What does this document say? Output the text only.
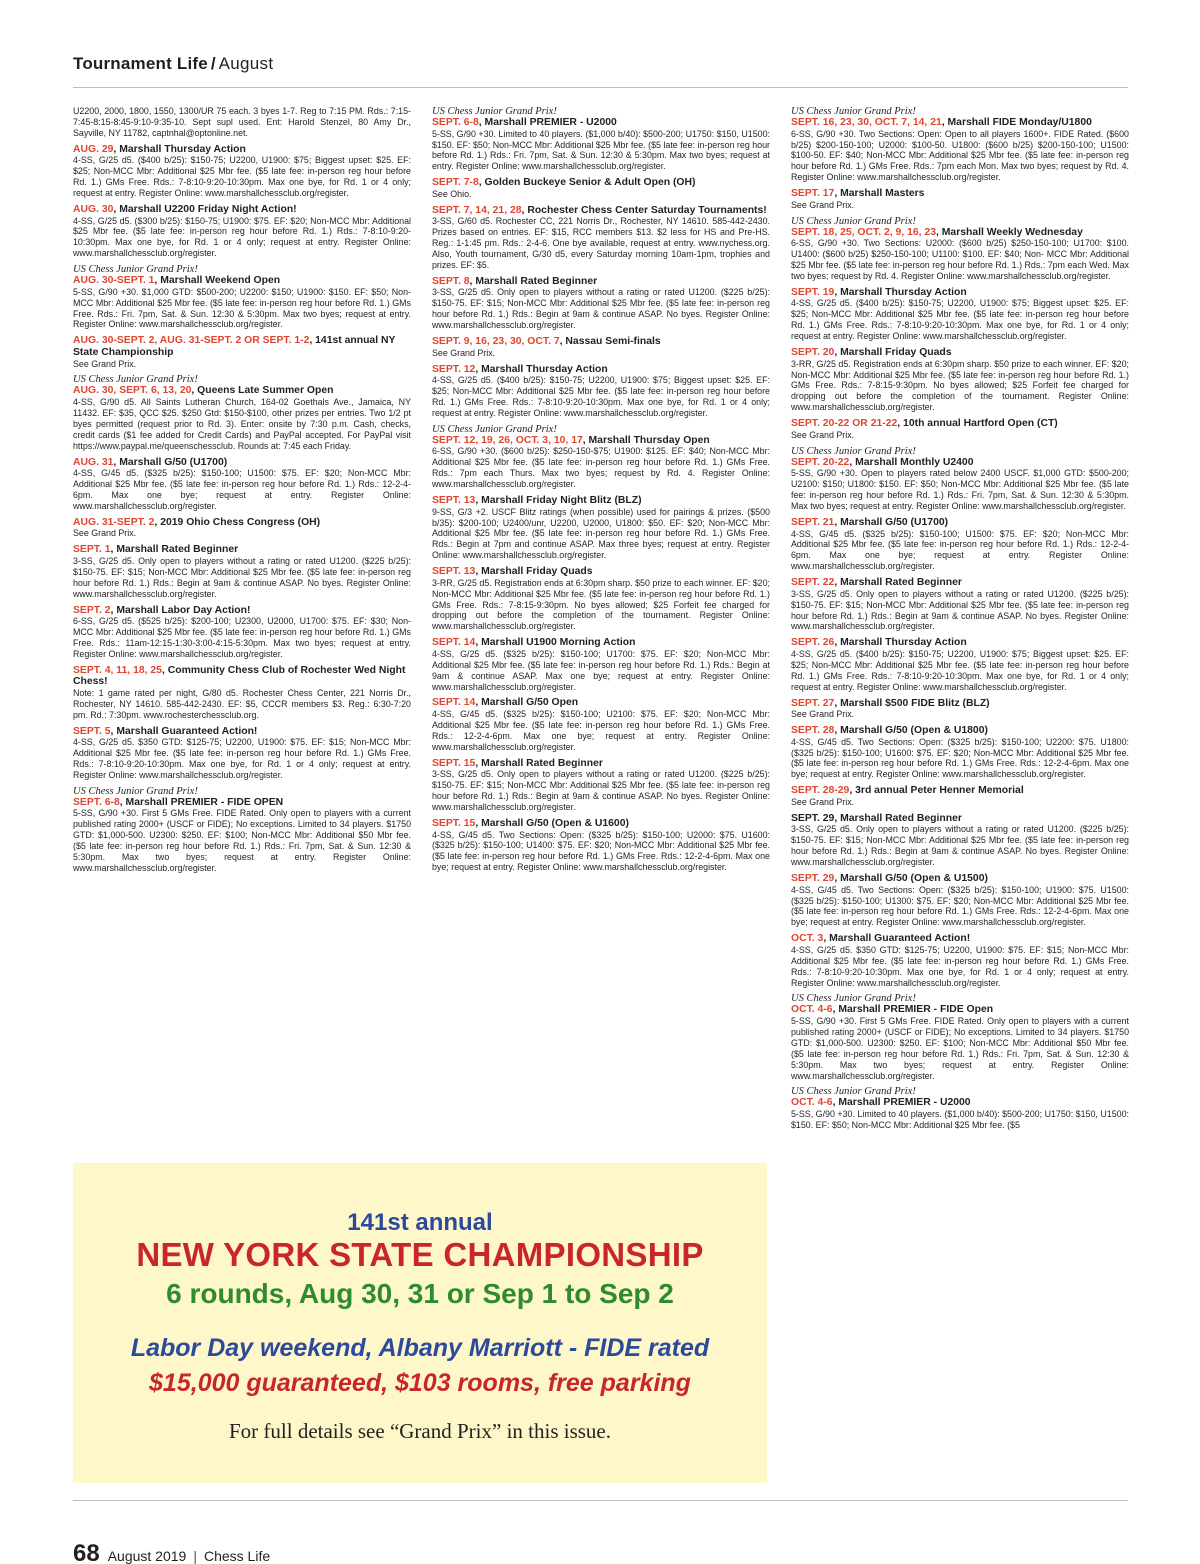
Tournament Life / August
U2200, 2000, 1800, 1550, 1300/UR 75 each. 3 byes 1-7. Reg to 7:15 PM. Rds.: 7:15-7:45-8:15-8:45-9:10-9:35-10. Sept supl used. Ent: Harold Stenzel, 80 Amy Dr., Sayville, NY 11782, captnhal@optonline.net.
AUG. 29, Marshall Thursday Action
4-SS, G/25 d5. ($400 b/25): $150-75; U2200, U1900: $75; Biggest upset: $25. EF: $25; Non-MCC Mbr: Additional $25 Mbr fee. ($5 late fee: in-person reg hour before Rd. 1.) GMs Free. Rds.: 7-8:10-9:20-10:30pm. Max one bye, for Rd. 1 or 4 only; request at entry. Register Online: www.marshallchessclub.org/register.
AUG. 30, Marshall U2200 Friday Night Action!
4-SS, G/25 d5. ($300 b/25): $150-75; U1900: $75. EF: $20; Non-MCC Mbr: Additional $25 Mbr fee. ($5 late fee: in-person reg hour before Rd. 1.) Rds.: 7-8:10-9:20-10:30pm. Max one bye, for Rd. 1 or 4 only; request at entry. Register Online: www.marshallchessclub.org/register.
US Chess Junior Grand Prix!
AUG. 30-SEPT. 1, Marshall Weekend Open
5-SS, G/90 +30. $1,000 GTD: $500-200; U2200: $150; U1900: $150. EF: $50; Non-MCC Mbr: Additional $25 Mbr fee. ($5 late fee: in-person reg hour before Rd. 1.) GMs Free. Rds.: Fri. 7pm, Sat. & Sun. 12:30 & 5:30pm. Max two byes; request at entry. Register Online: www.marshallchessclub.org/register.
AUG. 30-SEPT. 2, AUG. 31-SEPT. 2 OR SEPT. 1-2, 141st annual NY State Championship
See Grand Prix.
US Chess Junior Grand Prix!
AUG. 30, SEPT. 6, 13, 20, Queens Late Summer Open
4-SS, G/90 d5. All Saints Lutheran Church, 164-02 Goethals Ave., Jamaica, NY 11432. EF: $35, QCC $25. $250 Gtd: $150-$100, other prizes per entries. Two 1/2 pt byes permitted (request prior to Rd. 3). Enter: onsite by 7:30 p.m. Cash, checks, credit cards ($1 fee added for Credit Cards) and PayPal accepted. For PayPal visit https://www.paypal.me/queenschessclub. Rounds at: 7:45 each Friday.
AUG. 31, Marshall G/50 (U1700)
4-SS, G/45 d5. ($325 b/25): $150-100; U1500: $75. EF: $20; Non-MCC Mbr: Additional $25 Mbr fee. ($5 late fee: in-person reg hour before Rd. 1.) Rds.: 12-2-4-6pm. Max one bye; request at entry. Register Online: www.marshallchessclub.org/register.
AUG. 31-SEPT. 2, 2019 Ohio Chess Congress (OH)
See Grand Prix.
SEPT. 1, Marshall Rated Beginner
3-SS, G/25 d5. Only open to players without a rating or rated U1200. ($225 b/25): $150-75. EF: $15; Non-MCC Mbr: Additional $25 Mbr fee. ($5 late fee: in-person reg hour before Rd. 1.) Rds.: Begin at 9am & continue ASAP. No byes. Register Online: www.marshallchessclub.org/register.
SEPT. 2, Marshall Labor Day Action!
6-SS, G/25 d5. ($525 b/25): $200-100; U2300, U2000, U1700: $75. EF: $30; Non-MCC Mbr: Additional $25 Mbr fee. ($5 late fee: in-person reg hour before Rd. 1.) GMs Free. Rds.: 11am-12:15-1:30-3:00-4:15-5:30pm. Max two byes; request at entry. Register Online: www.marshallchessclub.org/register.
SEPT. 4, 11, 18, 25, Community Chess Club of Rochester Wed Night Chess!
Note: 1 game rated per night, G/80 d5. Rochester Chess Center, 221 Norris Dr., Rochester, NY 14610. 585-442-2430. EF: $5, CCCR members $3. Reg.: 6:30-7:20 pm. Rd.: 7:30pm. www.rochesterchessclub.org.
SEPT. 5, Marshall Guaranteed Action!
4-SS, G/25 d5. $350 GTD: $125-75; U2200, U1900: $75. EF: $15; Non-MCC Mbr: Additional $25 Mbr fee. ($5 late fee: in-person reg hour before Rd. 1.) GMs Free. Rds.: 7-8:10-9:20-10:30pm. Max one bye, for Rd. 1 or 4 only; request at entry. Register Online: www.marshallchessclub.org/register.
US Chess Junior Grand Prix!
SEPT. 6-8, Marshall PREMIER - FIDE OPEN
5-SS, G/90 +30. First 5 GMs Free. FIDE Rated. Only open to players with a current published rating 2000+ (USCF or FIDE); No exceptions. Limited to 34 players. $1750 GTD: $1,000-500. U2300: $250. EF: $100; Non-MCC Mbr: Additional $50 Mbr fee. ($5 late fee: in-person reg hour before Rd. 1.) Rds.: Fri. 7pm, Sat. & Sun. 12:30 & 5:30pm. Max two byes; request at entry. Register Online: www.marshallchessclub.org/register.
US Chess Junior Grand Prix!
SEPT. 6-8, Marshall PREMIER - U2000
5-SS, G/90 +30. Limited to 40 players. ($1,000 b/40): $500-200; U1750: $150, U1500: $150. EF: $50; Non-MCC Mbr: Additional $25 Mbr fee. ($5 late fee: in-person reg hour before Rd. 1.) Rds.: Fri. 7pm, Sat. & Sun. 12:30 & 5:30pm. Max two byes; request at entry. Register Online: www.marshallchessclub.org/register.
SEPT. 7-8, Golden Buckeye Senior & Adult Open (OH)
See Ohio.
SEPT. 7, 14, 21, 28, Rochester Chess Center Saturday Tournaments!
3-SS, G/60 d5. Rochester CC, 221 Norris Dr., Rochester, NY 14610. 585-442-2430. Prizes based on entries. EF: $15, RCC members $13. $2 less for HS and Pre-HS. Reg.: 1-1:45 pm. Rds.: 2-4-6. One bye available, request at entry. www.nychess.org. Also, Youth tournament, G/30 d5, every Saturday morning 10am-1pm, trophies and prizes. EF: $5.
SEPT. 8, Marshall Rated Beginner
3-SS, G/25 d5. Only open to players without a rating or rated U1200. ($225 b/25): $150-75. EF: $15; Non-MCC Mbr: Additional $25 Mbr fee. ($5 late fee: in-person reg hour before Rd. 1.) Rds.: Begin at 9am & continue ASAP. No byes. Register Online: www.marshallchessclub.org/register.
SEPT. 9, 16, 23, 30, OCT. 7, Nassau Semi-finals
See Grand Prix.
SEPT. 12, Marshall Thursday Action
4-SS, G/25 d5. ($400 b/25): $150-75; U2200, U1900: $75; Biggest upset: $25. EF: $25; Non-MCC Mbr: Additional $25 Mbr fee. ($5 late fee: in-person reg hour before Rd. 1.) GMs Free. Rds.: 7-8:10-9:20-10:30pm. Max one bye, for Rd. 1 or 4 only; request at entry. Register Online: www.marshallchessclub.org/register.
US Chess Junior Grand Prix!
SEPT. 12, 19, 26, OCT. 3, 10, 17, Marshall Thursday Open
6-SS, G/90 +30. ($600 b/25): $250-150-$75; U1900: $125. EF: $40; Non-MCC Mbr: Additional $25 Mbr fee. ($5 late fee: in-person reg hour before Rd. 1.) GMs Free. Rds.: 7pm each Thurs. Max two byes; request by Rd. 4. Register Online: www.marshallchessclub.org/register.
SEPT. 13, Marshall Friday Night Blitz (BLZ)
9-SS, G/3 +2. USCF Blitz ratings (when possible) used for pairings & prizes. ($500 b/35): $200-100; U2400/unr, U2200, U2000, U1800: $50. EF: $20; Non-MCC Mbr: Additional $25 Mbr fee. ($5 late fee: in-person reg hour before Rd. 1.) GMs Free. Rds.: Begin at 7pm and continue ASAP. Max three byes; request at entry. Register Online: www.marshallchessclub.org/register.
SEPT. 13, Marshall Friday Quads
3-RR, G/25 d5. Registration ends at 6:30pm sharp. $50 prize to each winner. EF: $20; Non-MCC Mbr: Additional $25 Mbr fee. ($5 late fee: in-person reg hour before Rd. 1.) GMs Free. Rds.: 7-8:15-9:30pm. No byes allowed; $25 Forfeit fee charged for dropping out before the completion of the tournament. Register Online: www.marshallchessclub.org/register.
SEPT. 14, Marshall U1900 Morning Action
4-SS, G/25 d5. ($325 b/25): $150-100; U1700: $75. EF: $20; Non-MCC Mbr: Additional $25 Mbr fee. ($5 late fee: in-person reg hour before Rd. 1.) Rds.: Begin at 9am & continue ASAP. Max one bye; request at entry. Register Online: www.marshallchessclub.org/register.
SEPT. 14, Marshall G/50 Open
4-SS, G/45 d5. ($325 b/25): $150-100; U2100: $75. EF: $20; Non-MCC Mbr: Additional $25 Mbr fee. ($5 late fee: in-person reg hour before Rd. 1.) GMs Free. Rds.: 12-2-4-6pm. Max one bye; request at entry. Register Online: www.marshallchessclub.org/register.
SEPT. 15, Marshall Rated Beginner
3-SS, G/25 d5. Only open to players without a rating or rated U1200. ($225 b/25): $150-75. EF: $15; Non-MCC Mbr: Additional $25 Mbr fee. ($5 late fee: in-person reg hour before Rd. 1.) Rds.: Begin at 9am & continue ASAP. No byes. Register Online: www.marshallchessclub.org/register.
SEPT. 15, Marshall G/50 (Open & U1600)
4-SS, G/45 d5. Two Sections: Open: ($325 b/25): $150-100; U2000: $75. U1600: ($325 b/25): $150-100; U1400: $75. EF: $20; Non-MCC Mbr: Additional $25 Mbr fee. ($5 late fee: in-person reg hour before Rd. 1.) GMs Free. Rds.: 12-2-4-6pm. Max one bye; request at entry. Register Online: www.marshallchessclub.org/register.
US Chess Junior Grand Prix!
SEPT. 16, 23, 30, OCT. 7, 14, 21, Marshall FIDE Monday/U1800
6-SS, G/90 +30. Two Sections: Open: Open to all players 1600+. FIDE Rated. ($600 b/25) $200-150-100; U2000: $100-50. U1800: ($600 b/25) $200-150-100; U1500: $100-50. EF: $40; Non-MCC Mbr: Additional $25 Mbr fee. ($5 late fee: in-person reg hour before Rd. 1.) GMs Free. Rds.: 7pm each Mon. Max two byes; request by Rd. 4. Register Online: www.marshallchessclub.org/register.
SEPT. 17, Marshall Masters
See Grand Prix.
US Chess Junior Grand Prix!
SEPT. 18, 25, OCT. 2, 9, 16, 23, Marshall Weekly Wednesday
6-SS, G/90 +30. Two Sections: U2000: ($600 b/25) $250-150-100; U1700: $100. U1400: ($600 b/25) $250-150-100; U1100: $100. EF: $40; Non- MCC Mbr: Additional $25 Mbr fee. ($5 late fee: in-person reg hour before Rd. 1.) Rds.: 7pm each Wed. Max two byes; request by Rd. 4. Register Online: www.marshallchessclub.org/register.
SEPT. 19, Marshall Thursday Action
4-SS, G/25 d5. ($400 b/25): $150-75; U2200, U1900: $75; Biggest upset: $25. EF: $25; Non-MCC Mbr: Additional $25 Mbr fee. ($5 late fee: in-person reg hour before Rd. 1.) GMs Free. Rds.: 7-8:10-9:20-10:30pm. Max one bye, for Rd. 1 or 4 only; request at entry. Register Online: www.marshallchessclub.org/register.
SEPT. 20, Marshall Friday Quads
3-RR, G/25 d5. Registration ends at 6:30pm sharp. $50 prize to each winner. EF: $20; Non-MCC Mbr: Additional $25 Mbr fee. ($5 late fee: in-person reg hour before Rd. 1.) GMs Free. Rds.: 7-8:15-9:30pm. No byes allowed; $25 Forfeit fee charged for dropping out before the completion of the tournament. Register Online: www.marshallchessclub.org/register.
SEPT. 20-22 OR 21-22, 10th annual Hartford Open (CT)
See Grand Prix.
US Chess Junior Grand Prix!
SEPT. 20-22, Marshall Monthly U2400
5-SS, G/90 +30. Open to players rated below 2400 USCF. $1,000 GTD: $500-200; U2100: $150; U1800: $150. EF: $50; Non-MCC Mbr: Additional $25 Mbr fee. ($5 late fee: in-person reg hour before Rd. 1.) Rds.: Fri. 7pm, Sat. & Sun. 12:30 & 5:30pm. Max two byes; request at entry. Register Online: www.marshallchessclub.org/register.
SEPT. 21, Marshall G/50 (U1700)
4-SS, G/45 d5. ($325 b/25): $150-100; U1500: $75. EF: $20; Non-MCC Mbr: Additional $25 Mbr fee. ($5 late fee: in-person reg hour before Rd. 1.) Rds.: 12-2-4-6pm. Max one bye; request at entry. Register Online: www.marshallchessclub.org/register.
SEPT. 22, Marshall Rated Beginner
3-SS, G/25 d5. Only open to players without a rating or rated U1200. ($225 b/25): $150-75. EF: $15; Non-MCC Mbr: Additional $25 Mbr fee. ($5 late fee: in-person reg hour before Rd. 1.) Rds.: Begin at 9am & continue ASAP. No byes. Register Online: www.marshallchessclub.org/register.
SEPT. 26, Marshall Thursday Action
4-SS, G/25 d5. ($400 b/25): $150-75; U2200, U1900: $75; Biggest upset: $25. EF: $25; Non-MCC Mbr: Additional $25 Mbr fee. ($5 late fee: in-person reg hour before Rd. 1.) GMs Free. Rds.: 7-8:10-9:20-10:30pm. Max one bye, for Rd. 1 or 4 only; request at entry. Register Online: www.marshallchessclub.org/register.
SEPT. 27, Marshall $500 FIDE Blitz (BLZ)
See Grand Prix.
SEPT. 28, Marshall G/50 (Open & U1800)
4-SS, G/45 d5. Two Sections: Open: ($325 b/25): $150-100; U2200: $75. U1800: ($325 b/25): $150-100; U1600: $75. EF: $20; Non-MCC Mbr: Additional $25 Mbr fee. ($5 late fee: in-person reg hour before Rd. 1.) GMs Free. Rds.: 12-2-4-6pm. Max one bye; request at entry. Register Online: www.marshallchessclub.org/register.
SEPT. 28-29, 3rd annual Peter Henner Memorial
See Grand Prix.
SEPT. 29, Marshall Rated Beginner
3-SS, G/25 d5. Only open to players without a rating or rated U1200. ($225 b/25): $150-75. EF: $15; Non-MCC Mbr: Additional $25 Mbr fee. ($5 late fee: in-person reg hour before Rd. 1.) Rds.: Begin at 9am & continue ASAP. No byes. Register Online: www.marshallchessclub.org/register.
SEPT. 29, Marshall G/50 (Open & U1500)
4-SS, G/45 d5. Two Sections: Open: ($325 b/25): $150-100; U1900: $75. U1500: ($325 b/25): $150-100; U1300: $75. EF: $20; Non-MCC Mbr: Additional $25 Mbr fee. ($5 late fee: in-person reg hour before Rd. 1.) GMs Free. Rds.: 12-2-4-6pm. Max one bye; request at entry. Register Online: www.marshallchessclub.org/register.
OCT. 3, Marshall Guaranteed Action!
4-SS, G/25 d5. $350 GTD: $125-75; U2200, U1900: $75. EF: $15; Non-MCC Mbr: Additional $25 Mbr fee. ($5 late fee: in-person reg hour before Rd. 1.) GMs Free. Rds.: 7-8:10-9:20-10:30pm. Max one bye, for Rd. 1 or 4 only; request at entry. Register Online: www.marshallchessclub.org/register.
US Chess Junior Grand Prix!
OCT. 4-6, Marshall PREMIER - FIDE Open
5-SS, G/90 +30. First 5 GMs Free. FIDE Rated. Only open to players with a current published rating 2000+ (USCF or FIDE); No exceptions. Limited to 34 players. $1750 GTD: $1,000-500. U2300: $250. EF: $100; Non-MCC Mbr: Additional $50 Mbr fee. ($5 late fee: in-person reg hour before Rd. 1.) Rds.: Fri. 7pm, Sat. & Sun. 12:30 & 5:30pm. Max two byes; request at entry. Register Online: www.marshallchessclub.org/register.
US Chess Junior Grand Prix!
OCT. 4-6, Marshall PREMIER - U2000
5-SS, G/90 +30. Limited to 40 players. ($1,000 b/40): $500-200; U1750: $150, U1500: $150. EF: $50; Non-MCC Mbr: Additional $25 Mbr fee. ($5
141st annual
NEW YORK STATE CHAMPIONSHIP
6 rounds, Aug 30, 31 or Sep 1 to Sep 2
Labor Day weekend, Albany Marriott - FIDE rated
$15,000 guaranteed, $103 rooms, free parking
For full details see “Grand Prix” in this issue.
68 August 2019 | Chess Life
